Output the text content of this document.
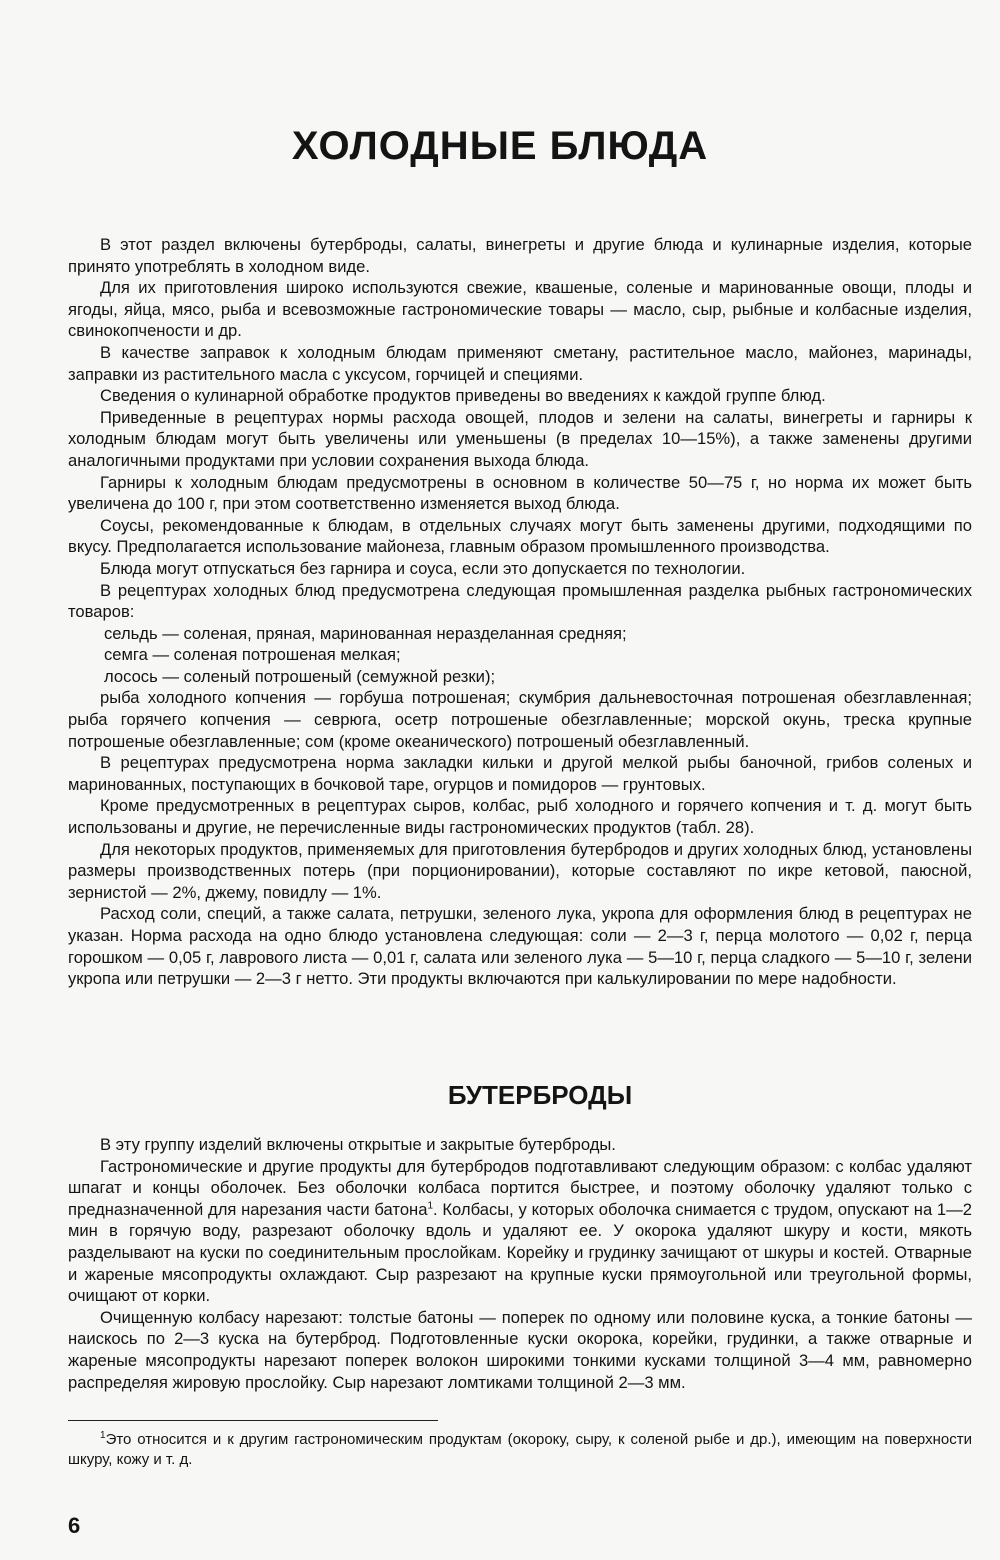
ХОЛОДНЫЕ БЛЮДА

В этот раздел включены бутерброды, салаты, винегреты и другие блюда и кулинарные изделия, которые принято употреблять в холодном виде.

Для их приготовления широко используются свежие, квашеные, соленые и маринованные овощи, плоды и ягоды, яйца, мясо, рыба и всевозможные гастрономические товары — масло, сыр, рыбные и колбасные изделия, свинокопчености и др.

В качестве заправок к холодным блюдам применяют сметану, растительное масло, майонез, маринады, заправки из растительного масла с уксусом, горчицей и специями.

Сведения о кулинарной обработке продуктов приведены во введениях к каждой группе блюд.

Приведенные в рецептурах нормы расхода овощей, плодов и зелени на салаты, винегреты и гарниры к холодным блюдам могут быть увеличены или уменьшены (в пределах 10—15%), а также заменены другими аналогичными продуктами при условии сохранения выхода блюда.

Гарниры к холодным блюдам предусмотрены в основном в количестве 50—75 г, но норма их может быть увеличена до 100 г, при этом соответственно изменяется выход блюда.

Соусы, рекомендованные к блюдам, в отдельных случаях могут быть заменены другими, подходящими по вкусу. Предполагается использование майонеза, главным образом промышленного производства.

Блюда могут отпускаться без гарнира и соуса, если это допускается по технологии.

В рецептурах холодных блюд предусмотрена следующая промышленная разделка рыбных гастрономических товаров:

сельдь — соленая, пряная, маринованная неразделанная средняя;

семга — соленая потрошеная мелкая;

лосось — соленый потрошеный (семужной резки);

рыба холодного копчения — горбуша потрошеная; скумбрия дальневосточная потрошеная обезглавленная; рыба горячего копчения — севрюга, осетр потрошеные обезглавленные; морской окунь, треска крупные потрошеные обезглавленные; сом (кроме океанического) потрошеный обезглавленный.

В рецептурах предусмотрена норма закладки кильки и другой мелкой рыбы баночной, грибов соленых и маринованных, поступающих в бочковой таре, огурцов и помидоров — грунтовых.

Кроме предусмотренных в рецептурах сыров, колбас, рыб холодного и горячего копчения и т. д. могут быть использованы и другие, не перечисленные виды гастрономических продуктов (табл. 28).

Для некоторых продуктов, применяемых для приготовления бутербродов и других холодных блюд, установлены размеры производственных потерь (при порционировании), которые составляют по икре кетовой, паюсной, зернистой — 2%, джему, повидлу — 1%.

Расход соли, специй, а также салата, петрушки, зеленого лука, укропа для оформления блюд в рецептурах не указан. Норма расхода на одно блюдо установлена следующая: соли — 2—3 г, перца молотого — 0,02 г, перца горошком — 0,05 г, лаврового листа — 0,01 г, салата или зеленого лука — 5—10 г, перца сладкого — 5—10 г, зелени укропа или петрушки — 2—3 г нетто. Эти продукты включаются при калькулировании по мере надобности.

БУТЕРБРОДЫ

В эту группу изделий включены открытые и закрытые бутерброды.

Гастрономические и другие продукты для бутербродов подготавливают следующим образом: с колбас удаляют шпагат и концы оболочек. Без оболочки колбаса портится быстрее, и поэтому оболочку удаляют только с предназначенной для нарезания части батона$^1$. Колбасы, у которых оболочка снимается с трудом, опускают на 1—2 мин в горячую воду, разрезают оболочку вдоль и удаляют ее. У окорока удаляют шкуру и кости, мякоть разделывают на куски по соединительным прослойкам. Корейку и грудинку зачищают от шкуры и костей. Отварные и жареные мясопродукты охлаждают. Сыр разрезают на крупные куски прямоугольной или треугольной формы, очищают от корки.

Очищенную колбасу нарезают: толстые батоны — поперек по одному или половине куска, а тонкие батоны — наискось по 2—3 куска на бутерброд. Подготовленные куски окорока, корейки, грудинки, а также отварные и жареные мясопродукты нарезают поперек волокон широкими тонкими кусками толщиной 3—4 мм, равномерно распределяя жировую прослойку. Сыр нарезают ломтиками толщиной 2—3 мм.

$^1$Это относится и к другим гастрономическим продуктам (окороку, сыру, к соленой рыбе и др.), имеющим на поверхности шкуру, кожу и т. д.

6
